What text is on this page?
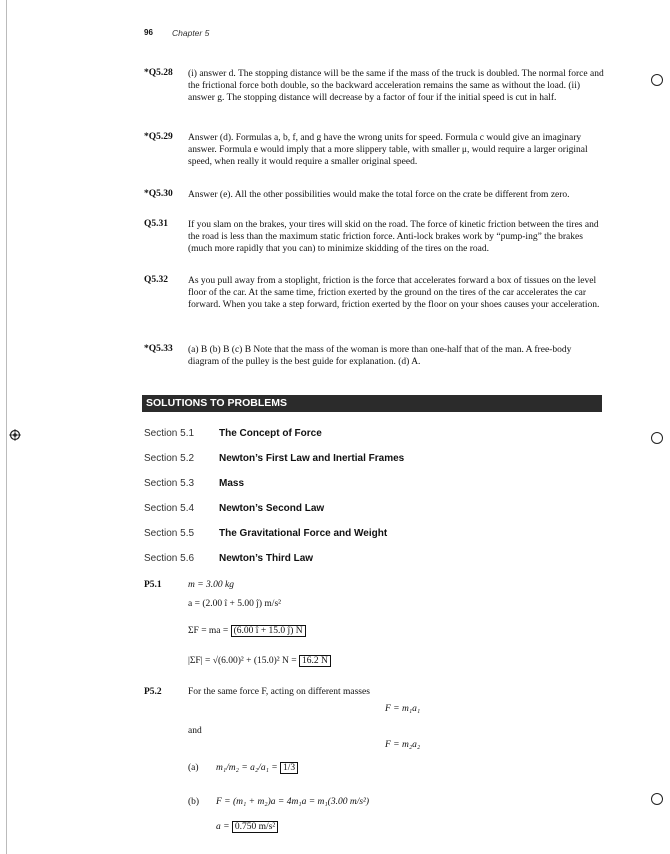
96 Chapter 5
*Q5.28 (i) answer d. The stopping distance will be the same if the mass of the truck is doubled. The normal force and the frictional force both double, so the backward acceleration remains the same as without the load. (ii) answer g. The stopping distance will decrease by a factor of four if the initial speed is cut in half.
*Q5.29 Answer (d). Formulas a, b, f, and g have the wrong units for speed. Formula c would give an imaginary answer. Formula e would imply that a more slippery table, with smaller μ, would require a larger original speed, when really it would require a smaller original speed.
*Q5.30 Answer (e). All the other possibilities would make the total force on the crate be different from zero.
Q5.31 If you slam on the brakes, your tires will skid on the road. The force of kinetic friction between the tires and the road is less than the maximum static friction force. Anti-lock brakes work by “pump-ing” the brakes (much more rapidly that you can) to minimize skidding of the tires on the road.
Q5.32 As you pull away from a stoplight, friction is the force that accelerates forward a box of tissues on the level floor of the car. At the same time, friction exerted by the ground on the tires of the car accelerates the car forward. When you take a step forward, friction exerted by the floor on your shoes causes your acceleration.
*Q5.33 (a) B (b) B (c) B Note that the mass of the woman is more than one-half that of the man. A free-body diagram of the pulley is the best guide for explanation. (d) A.
SOLUTIONS TO PROBLEMS
Section 5.1 The Concept of Force
Section 5.2 Newton’s First Law and Inertial Frames
Section 5.3 Mass
Section 5.4 Newton’s Second Law
Section 5.5 The Gravitational Force and Weight
Section 5.6 Newton’s Third Law
P5.1	m = 3.00 kg
a = (2.00 î + 5.00 ĵ) m/s²
ΣF = ma = (6.00 î + 15.0 ĵ) N
|ΣF| = √(6.00)² + (15.0)² N = 16.2 N
P5.2	For the same force F, acting on different masses
F = m₁a₁
and
F = m₂a₂
(a) m₁/m₂ = a₂/a₁ = 1/3
(b) F = (m₁ + m₂)a = 4m₁a = m₁(3.00 m/s²)
a = 0.750 m/s²
